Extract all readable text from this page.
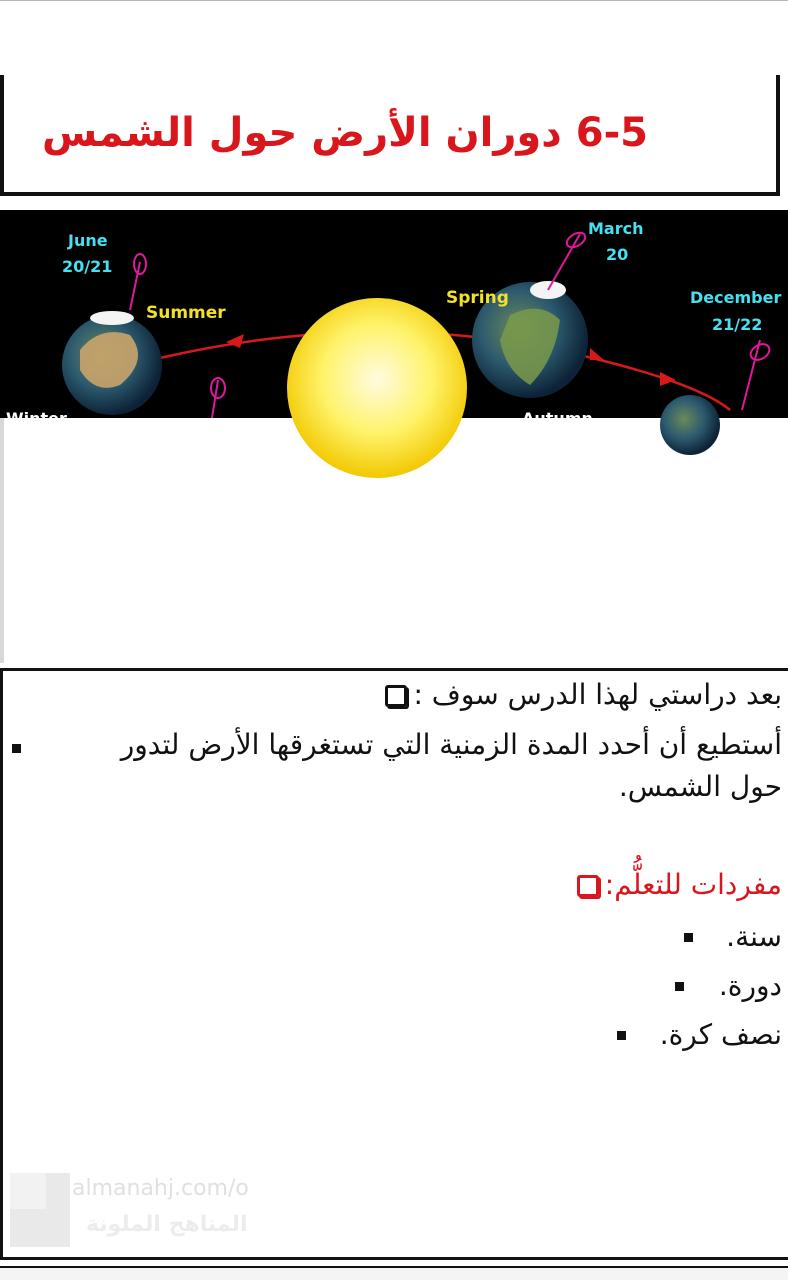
6-5 دوران الأرض حول الشمس
June
20/21
Summer
Spring
March
20
December
21/22
Winter	Autumn
بعد دراستي لهذا الدرس سوف :
أستطيع أن أحدد المدة الزمنية التي تستغرقها الأرض لتدور
حول الشمس.
مفردات للتعلُّم:
سنة.
دورة.
نصف كرة.
almanahj.com/o
المناهج الملونة
